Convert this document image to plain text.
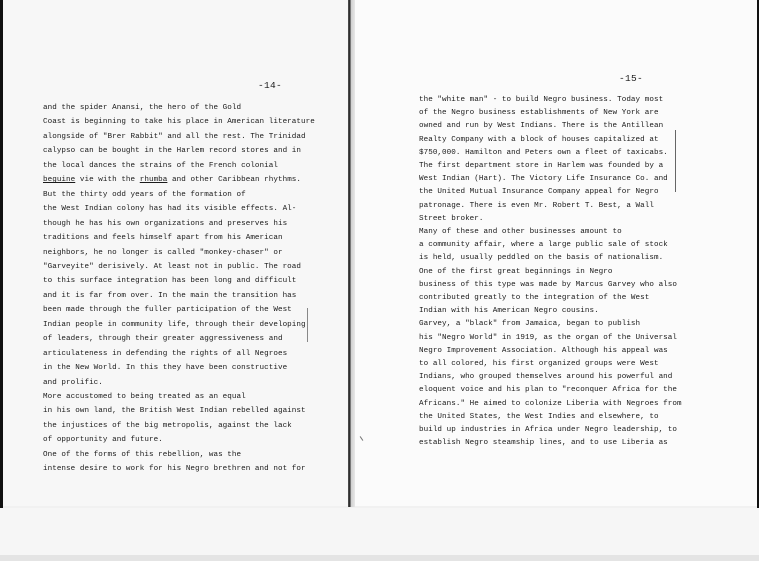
-14-
and the spider Anansi, the hero of the Gold
Coast is beginning to take his place in American literature
alongside of "Brer Rabbit" and all the rest. The Trinidad
calypso can be bought in the Harlem record stores and in
the local dances the strains of the French colonial
beguine vie with the rhumba and other Caribbean rhythms.
But the thirty odd years of the formation of
the West Indian colony has had its visible effects. Al-
though he has his own organizations and preserves his
traditions and feels himself apart from his American
neighbors, he no longer is called "monkey-chaser" or
"Garveyite" derisively. At least not in public. The road
to this surface integration has been long and difficult
and it is far from over. In the main the transition has
been made through the fuller participation of the West
Indian people in community life, through their developing
of leaders, through their greater aggressiveness and
articulateness in defending the rights of all Negroes
in the New World. In this they have been constructive
and prolific.
More accustomed to being treated as an equal
in his own land, the British West Indian rebelled against
the injustices of the big metropolis, against the lack
of opportunity and future.
One of the forms of this rebellion, was the
intense desire to work for his Negro brethren and not for
-15-
the "white man" - to build Negro business. Today most
of the Negro business establishments of New York are
owned and run by West Indians. There is the Antillean
Realty Company with a block of houses capitalized at
$750,000. Hamilton and Peters own a fleet of taxicabs.
The first department store in Harlem was founded by a
West Indian (Hart). The Victory Life Insurance Co. and
the United Mutual Insurance Company appeal for Negro
patronage. There is even Mr. Robert T. Best, a Wall
Street broker.
Many of these and other businesses amount to
a community affair, where a large public sale of stock
is held, usually peddled on the basis of nationalism.
One of the first great beginnings in Negro
business of this type was made by Marcus Garvey who also
contributed greatly to the integration of the West
Indian with his American Negro cousins.
Garvey, a "black" from Jamaica, began to publish
his "Negro World" in 1919, as the organ of the Universal
Negro Improvement Association. Although his appeal was
to all colored, his first organized groups were West
Indians, who grouped themselves around his powerful and
eloquent voice and his plan to "reconquer Africa for the
Africans." He aimed to colonize Liberia with Negroes from
the United States, the West Indies and elsewhere, to
build up industries in Africa under Negro leadership, to
establish Negro steamship lines, and to use Liberia as
